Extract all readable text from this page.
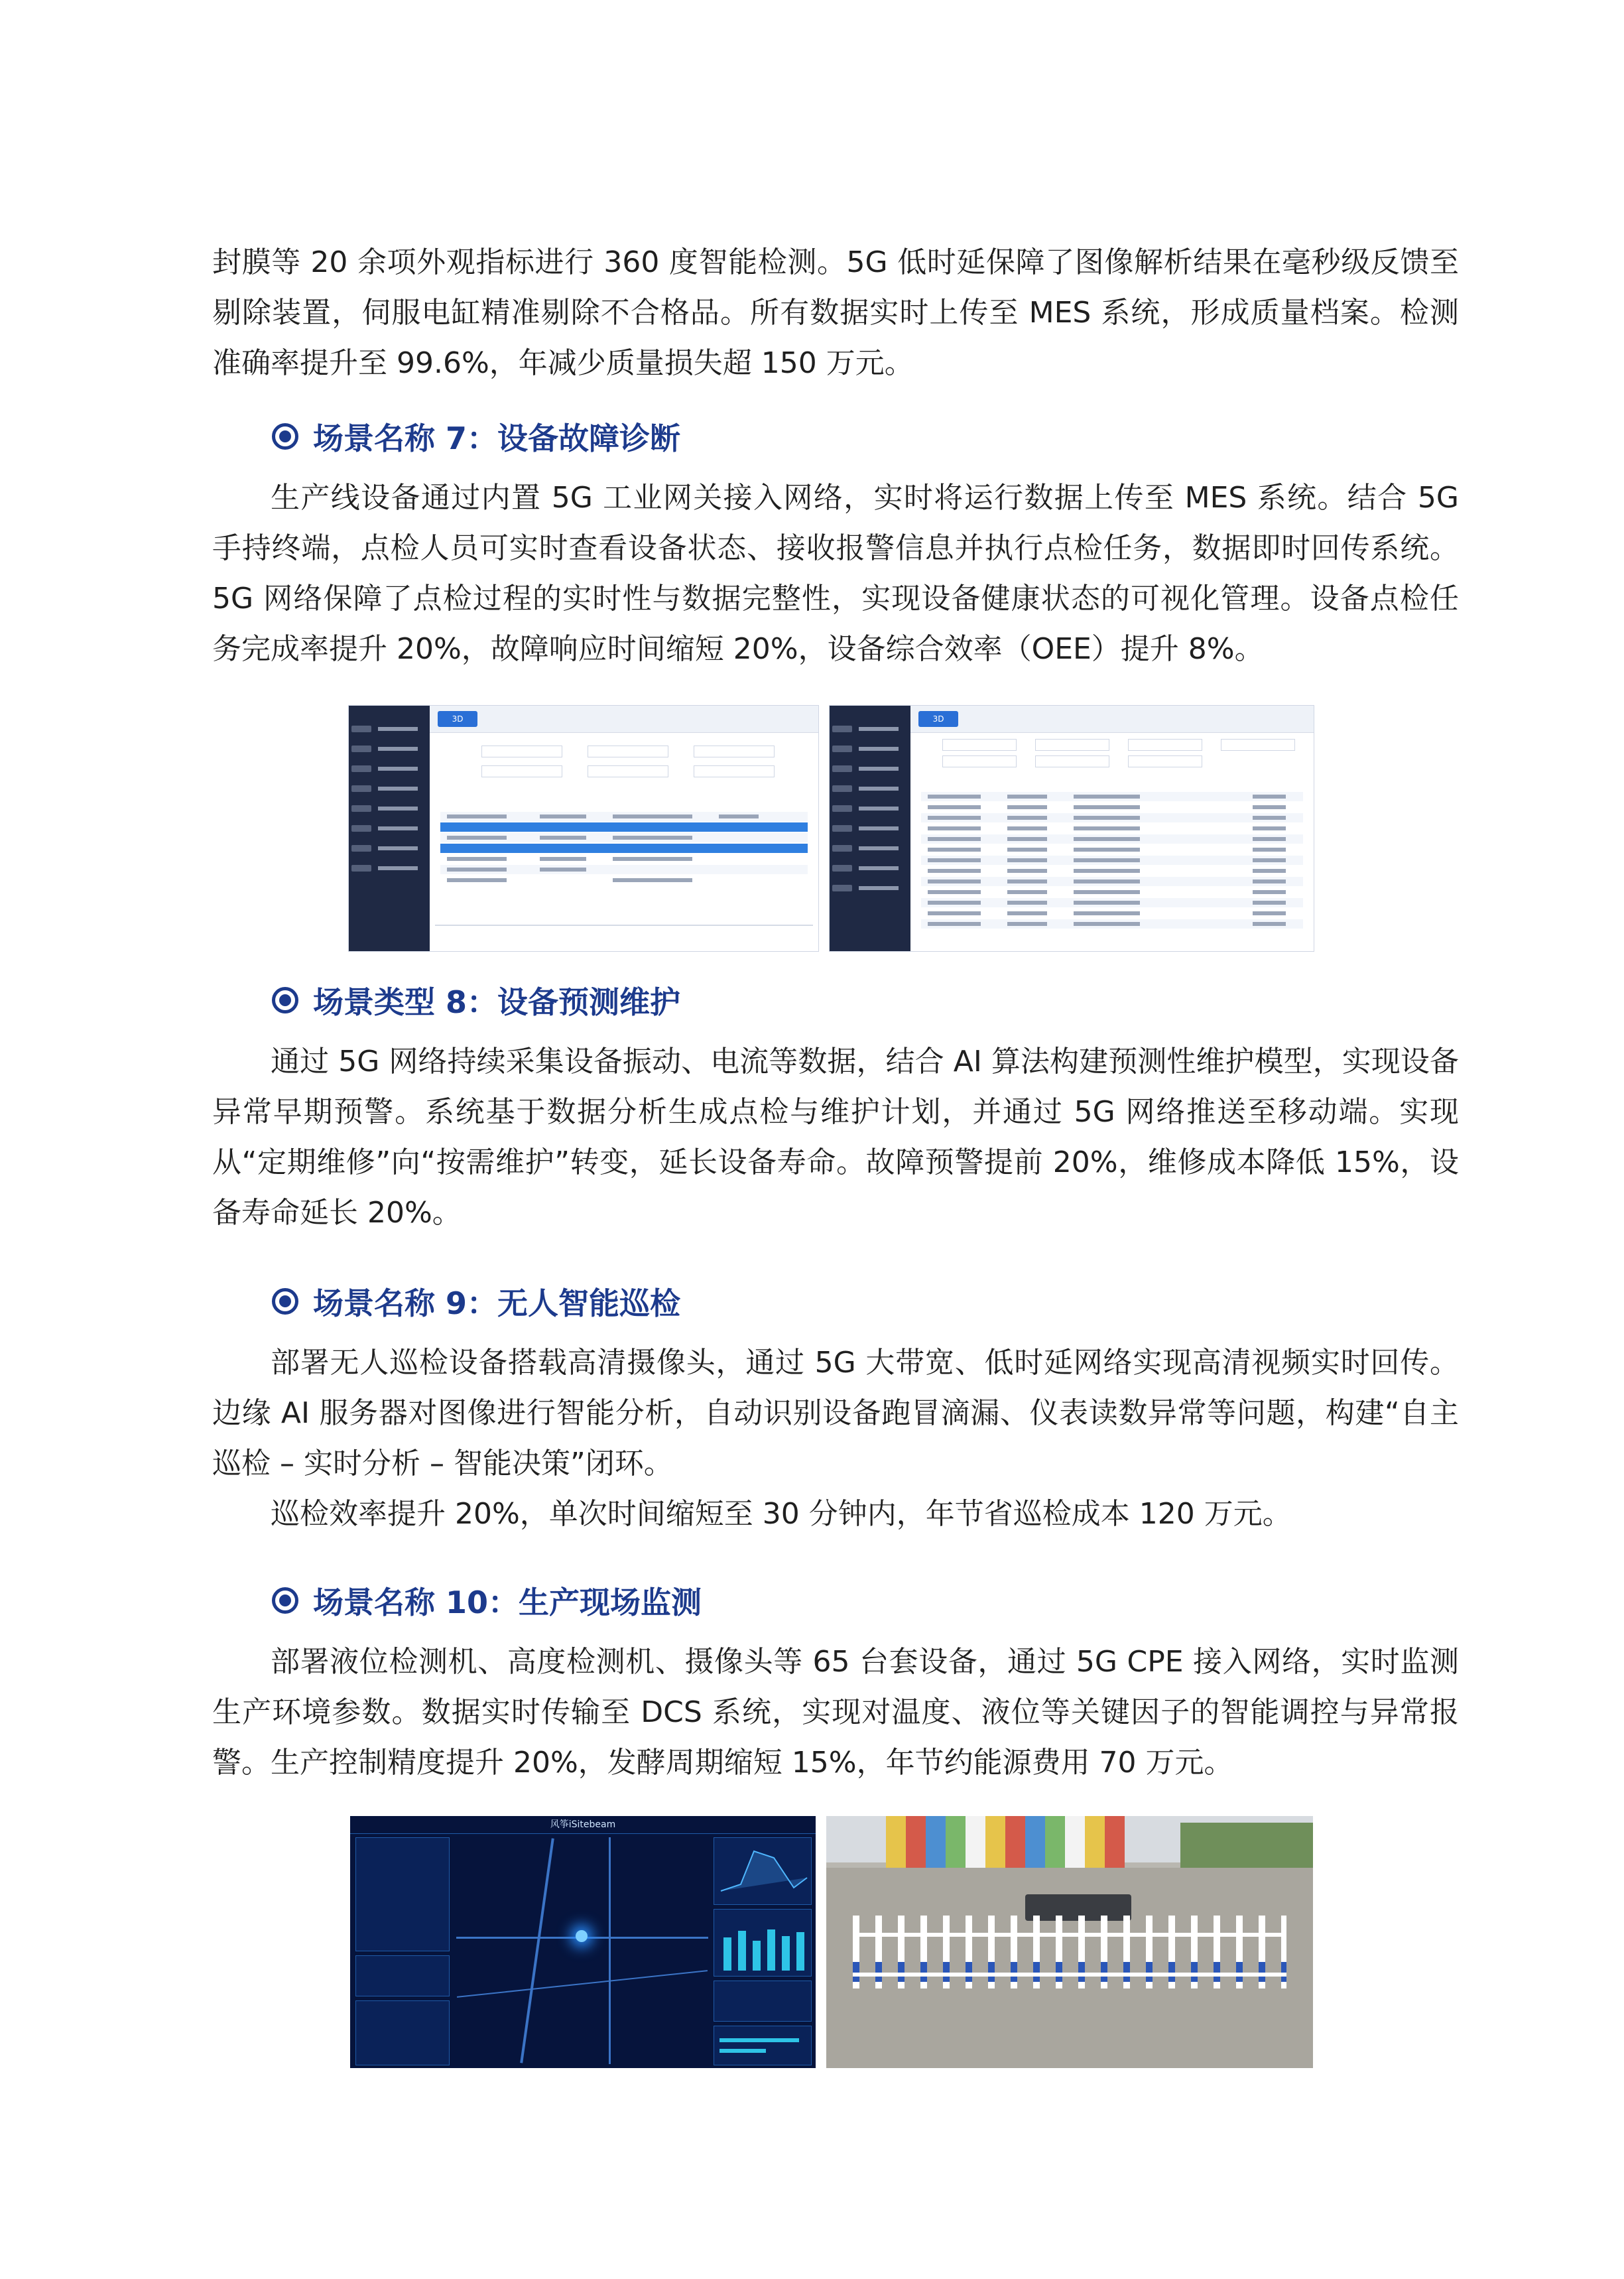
封膜等 20 余项外观指标进行 360 度智能检测。5G 低时延保障了图像解析结果在毫秒级反馈至剔除装置，伺服电缸精准剔除不合格品。所有数据实时上传至 MES 系统，形成质量档案。检测准确率提升至 99.6%，年减少质量损失超 150 万元。

场景名称 7：设备故障诊断

生产线设备通过内置 5G 工业网关接入网络，实时将运行数据上传至 MES 系统。结合 5G 手持终端，点检人员可实时查看设备状态、接收报警信息并执行点检任务，数据即时回传系统。5G 网络保障了点检过程的实时性与数据完整性，实现设备健康状态的可视化管理。设备点检任务完成率提升 20%，故障响应时间缩短 20%，设备综合效率（OEE）提升 8%。

3D	3D
场景类型 8：设备预测维护

通过 5G 网络持续采集设备振动、电流等数据，结合 AI 算法构建预测性维护模型，实现设备异常早期预警。系统基于数据分析生成点检与维护计划，并通过 5G 网络推送至移动端。实现从“定期维修”向“按需维护”转变，延长设备寿命。故障预警提前 20%，维修成本降低 15%，设备寿命延长 20%。

场景名称 9：无人智能巡检

部署无人巡检设备搭载高清摄像头，通过 5G 大带宽、低时延网络实现高清视频实时回传。边缘 AI 服务器对图像进行智能分析，自动识别设备跑冒滴漏、仪表读数异常等问题，构建“自主巡检 – 实时分析 – 智能决策”闭环。

巡检效率提升 20%，单次时间缩短至 30 分钟内，年节省巡检成本 120 万元。

场景名称 10：生产现场监测

部署液位检测机、高度检测机、摄像头等 65 台套设备，通过 5G CPE 接入网络，实时监测生产环境参数。数据实时传输至 DCS 系统，实现对温度、液位等关键因子的智能调控与异常报警。生产控制精度提升 20%，发酵周期缩短 15%，年节约能源费用 70 万元。

风筝iSitebeam
